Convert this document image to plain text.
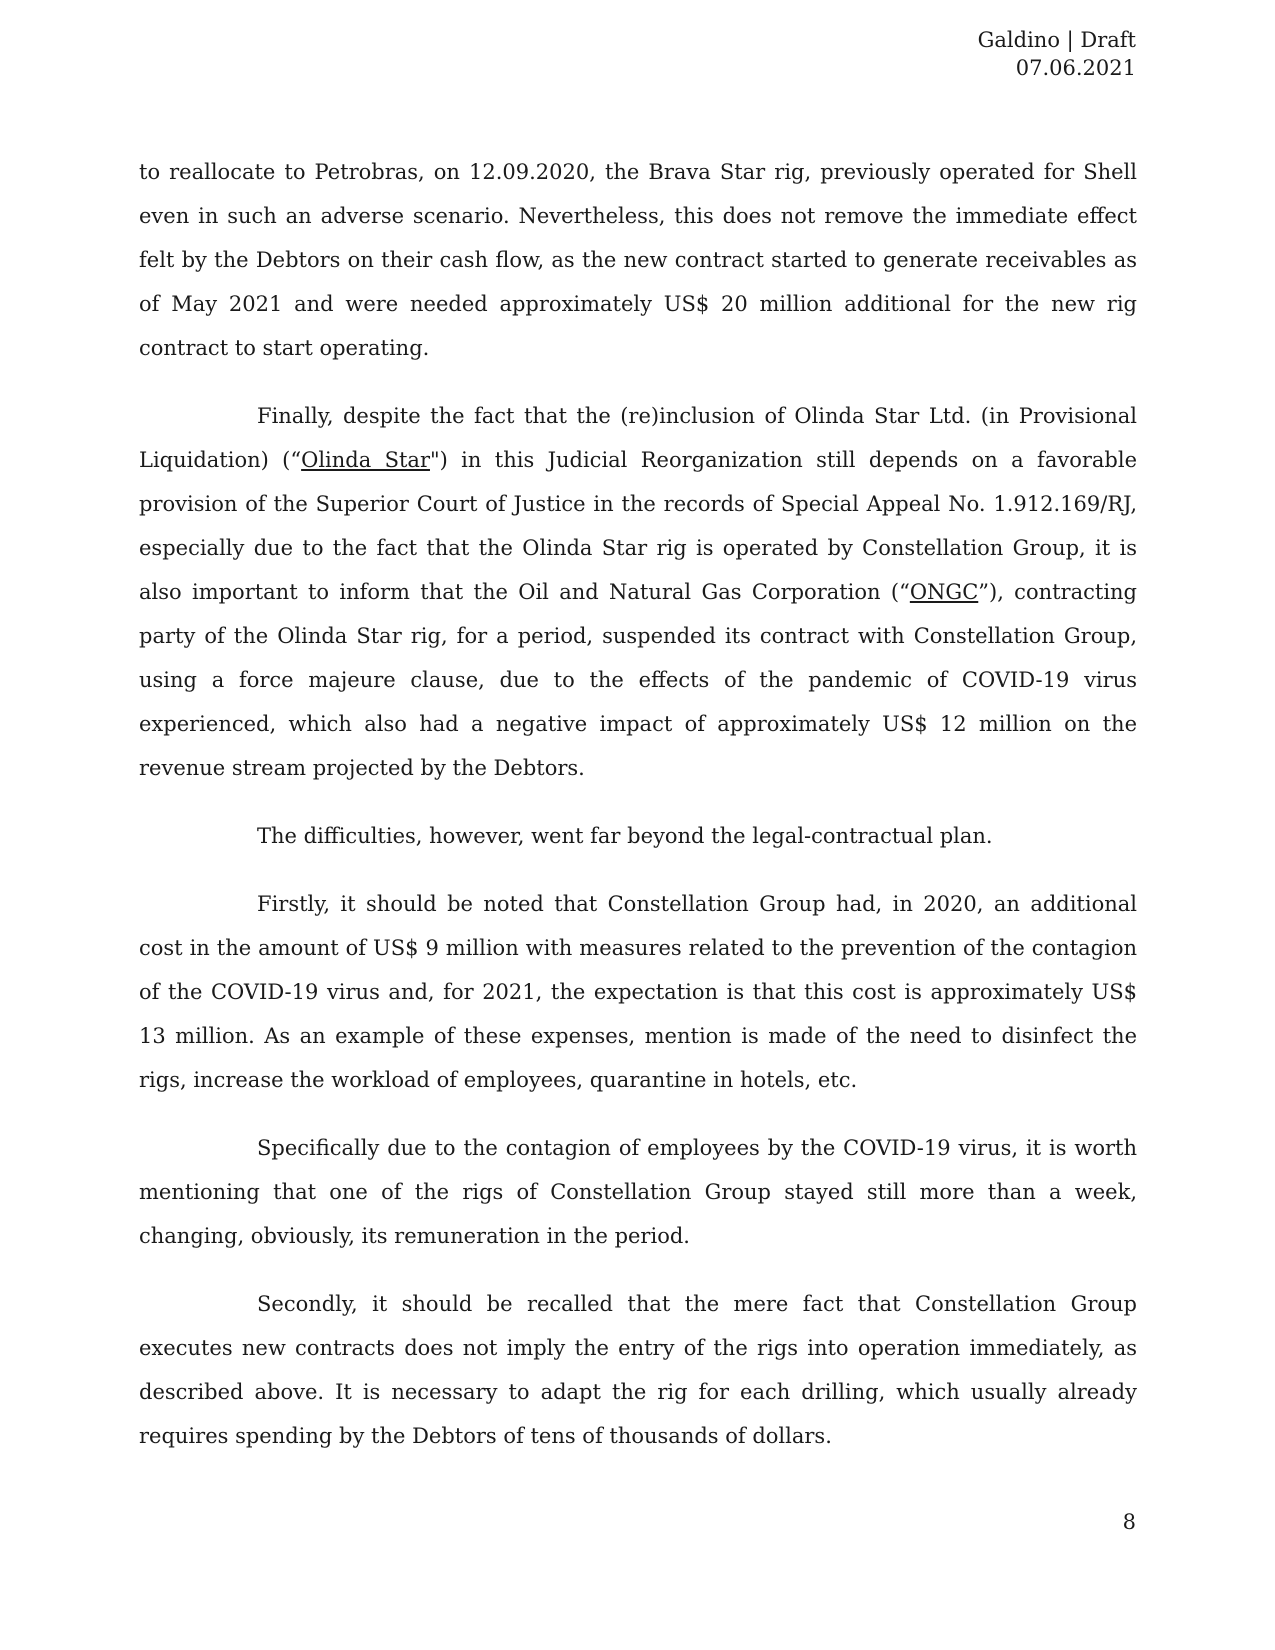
Galdino | Draft
07.06.2021

to reallocate to Petrobras, on 12.09.2020, the Brava Star rig, previously operated for Shell even in such an adverse scenario. Nevertheless, this does not remove the immediate effect felt by the Debtors on their cash flow, as the new contract started to generate receivables as of May 2021 and were needed approximately US$ 20 million additional for the new rig contract to start operating.

Finally, despite the fact that the (re)inclusion of Olinda Star Ltd. (in Provisional Liquidation) (“Olinda Star") in this Judicial Reorganization still depends on a favorable provision of the Superior Court of Justice in the records of Special Appeal No. 1.912.169/RJ, especially due to the fact that the Olinda Star rig is operated by Constellation Group, it is also important to inform that the Oil and Natural Gas Corporation (“ONGC”), contracting party of the Olinda Star rig, for a period, suspended its contract with Constellation Group, using a force majeure clause, due to the effects of the pandemic of COVID-19 virus experienced, which also had a negative impact of approximately US$ 12 million on the revenue stream projected by the Debtors.

The difficulties, however, went far beyond the legal-contractual plan.

Firstly, it should be noted that Constellation Group had, in 2020, an additional cost in the amount of US$ 9 million with measures related to the prevention of the contagion of the COVID-19 virus and, for 2021, the expectation is that this cost is approximately US$ 13 million. As an example of these expenses, mention is made of the need to disinfect the rigs, increase the workload of employees, quarantine in hotels, etc.

Specifically due to the contagion of employees by the COVID-19 virus, it is worth mentioning that one of the rigs of Constellation Group stayed still more than a week, changing, obviously, its remuneration in the period.

Secondly, it should be recalled that the mere fact that Constellation Group executes new contracts does not imply the entry of the rigs into operation immediately, as described above. It is necessary to adapt the rig for each drilling, which usually already requires spending by the Debtors of tens of thousands of dollars.

8
